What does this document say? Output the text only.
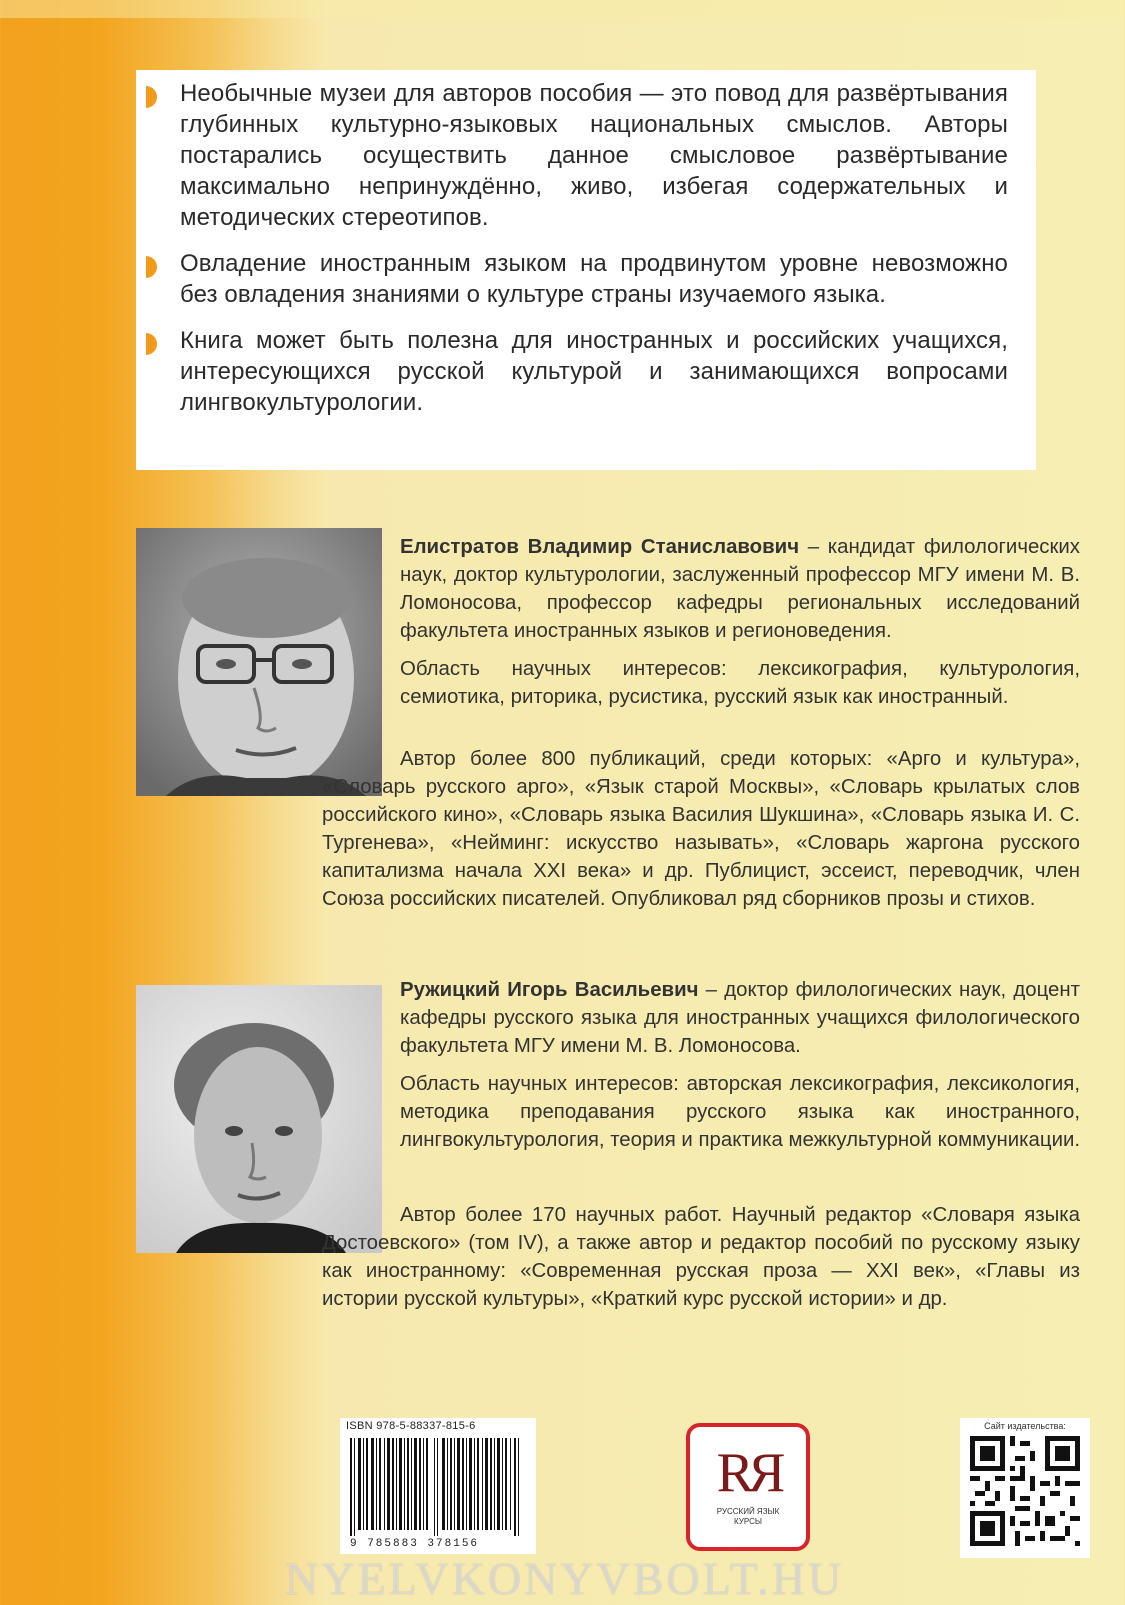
Необычные музеи для авторов пособия — это повод для развёртывания глубинных культурно-языковых национальных смыслов. Авторы постарались осуществить данное смысловое развёртывание максимально непринуждённо, живо, избегая содержательных и методических стереотипов.
Овладение иностранным языком на продвинутом уровне невозможно без овладения знаниями о культуре страны изучаемого языка.
Книга может быть полезна для иностранных и российских учащихся, интересующихся русской культурой и занимающихся вопросами лингвокультурологии.

Елистратов Владимир Станиславович – кандидат филологических наук, доктор культурологии, заслуженный профессор МГУ имени М. В. Ломоносова, профессор кафедры региональных исследований факультета иностранных языков и регионоведения.

Область научных интересов: лексикография, культурология, семиотика, риторика, русистика, русский язык как иностранный.

Автор более 800 публикаций, среди которых: «Арго и культура», «Словарь русского арго», «Язык старой Москвы», «Словарь крылатых слов российского кино», «Словарь языка Василия Шукшина», «Словарь языка И. С. Тургенева», «Нейминг: искусство называть», «Словарь жаргона русского капитализма начала XXI века» и др. Публицист, эссеист, переводчик, член Союза российских писателей. Опубликовал ряд сборников прозы и стихов.

Ружицкий Игорь Васильевич – доктор филологических наук, доцент кафедры русского языка для иностранных учащихся филологического факультета МГУ имени М. В. Ломоносова.

Область научных интересов: авторская лексикография, лексикология, методика преподавания русского языка как иностранного, лингвокультурология, теория и практика межкультурной коммуникации.

Автор более 170 научных работ. Научный редактор «Словаря языка Достоевского» (том IV), а также автор и редактор пособий по русскому языку как иностранному: «Современная русская проза — XXI век», «Главы из истории русской культуры», «Краткий курс русской истории» и др.

ISBN 978-5-88337-815-6
9 785883 378156
RЯ
РУССКИЙ ЯЗЫК
КУРСЫ
Сайт издательства:
NYELVKONYVBOLT.HU
